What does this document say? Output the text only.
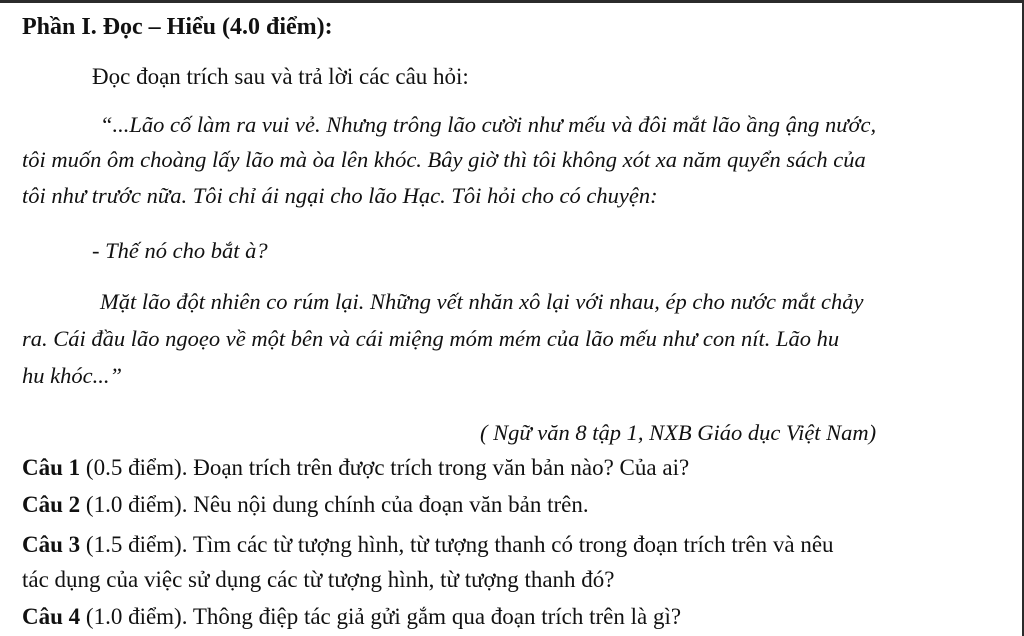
Phần I. Đọc – Hiểu (4.0 điểm):
Đọc đoạn trích sau và trả lời các câu hỏi:
“...Lão cố làm ra vui vẻ. Nhưng trông lão cười như mếu và đôi mắt lão ầng ậng nước,
tôi muốn ôm choàng lấy lão mà òa lên khóc. Bây giờ thì tôi không xót xa năm quyển sách của
tôi như trước nữa. Tôi chỉ ái ngại cho lão Hạc. Tôi hỏi cho có chuyện:
- Thế nó cho bắt à?
Mặt lão đột nhiên co rúm lại. Những vết nhăn xô lại với nhau, ép cho nước mắt chảy
ra. Cái đầu lão ngoẹo về một bên và cái miệng móm mém của lão mếu như con nít. Lão hu
hu khóc...”
( Ngữ văn 8 tập 1, NXB Giáo dục Việt Nam)
Câu 1 (0.5 điểm). Đoạn trích trên được trích trong văn bản nào? Của ai?
Câu 2 (1.0 điểm). Nêu nội dung chính của đoạn văn bản trên.
Câu 3 (1.5 điểm). Tìm các từ tượng hình, từ tượng thanh có trong đoạn trích trên và nêu
tác dụng của việc sử dụng các từ tượng hình, từ tượng thanh đó?
Câu 4 (1.0 điểm). Thông điệp tác giả gửi gắm qua đoạn trích trên là gì?
